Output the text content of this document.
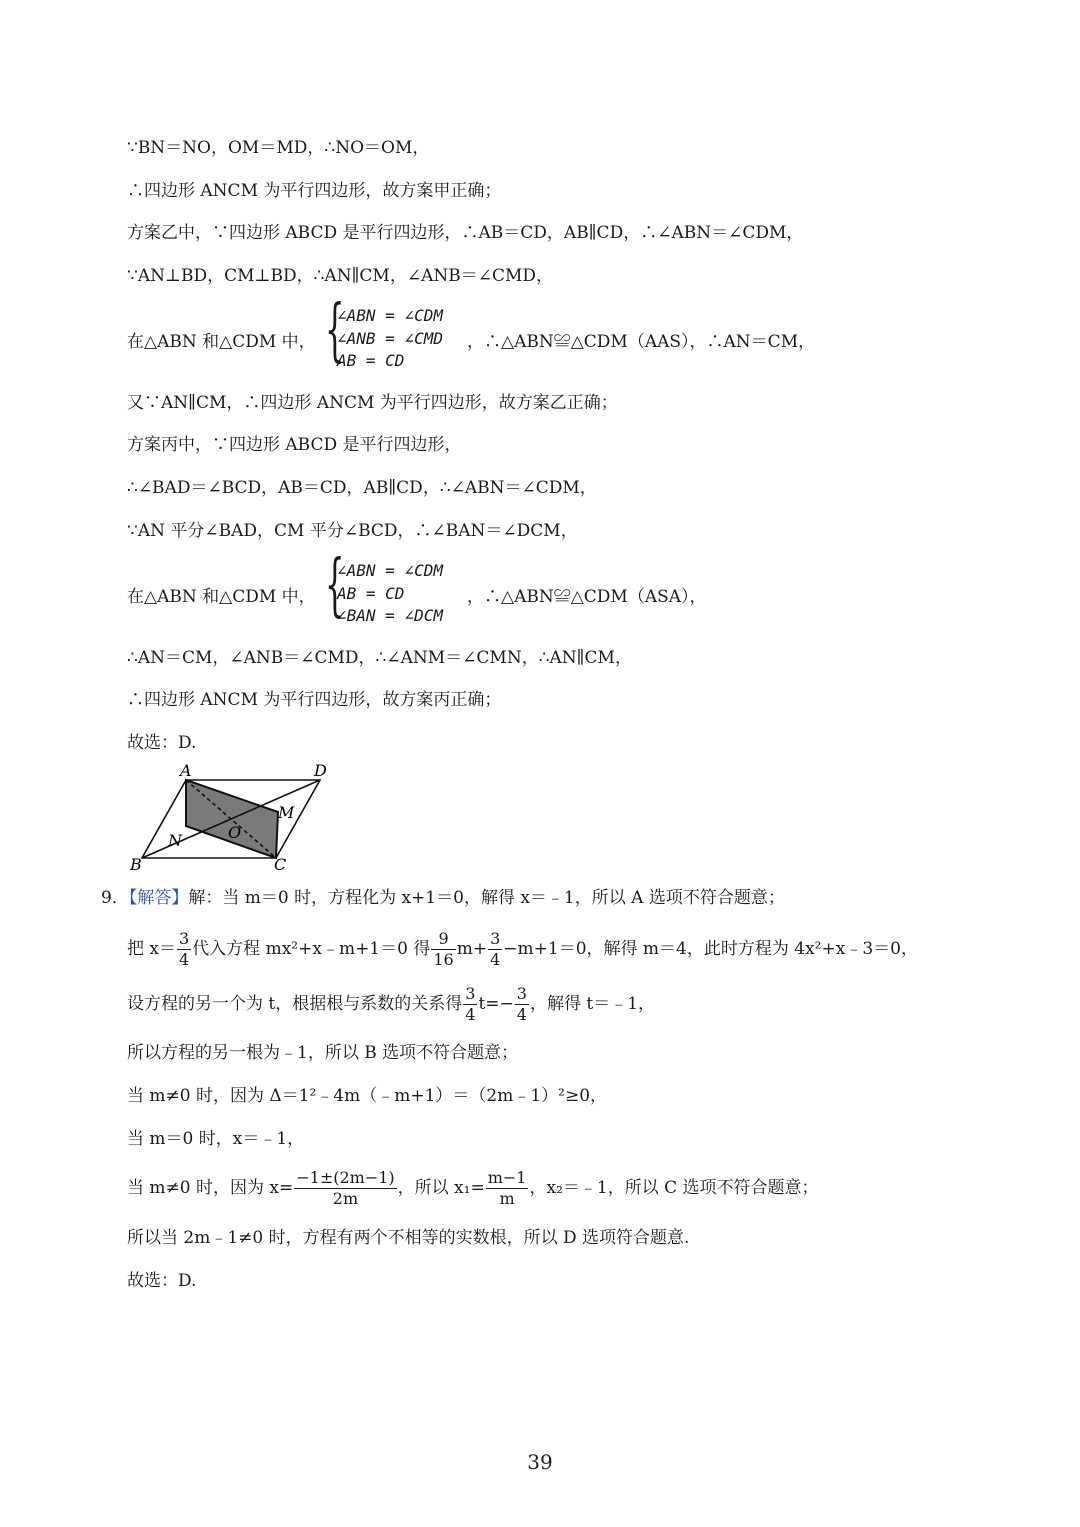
∵BN＝NO，OM＝MD，∴NO＝OM，
∴四边形 ANCM 为平行四边形，故方案甲正确；
方案乙中，∵四边形 ABCD 是平行四边形，∴AB＝CD，AB∥CD，∴∠ABN＝∠CDM，
∵AN⊥BD，CM⊥BD，∴AN∥CM，∠ANB＝∠CMD，
在△ABN 和△CDM 中， {
∠ABN = ∠CDM
∠ANB = ∠CMD
AB = CD
，∴△ABN≌△CDM（AAS），∴AN＝CM，
又∵AN∥CM，∴四边形 ANCM 为平行四边形，故方案乙正确；
方案丙中，∵四边形 ABCD 是平行四边形，
∴∠BAD＝∠BCD，AB＝CD，AB∥CD，∴∠ABN＝∠CDM，
∵AN 平分∠BAD，CM 平分∠BCD，∴∠BAN＝∠DCM，
在△ABN 和△CDM 中， {
∠ABN = ∠CDM
AB = CD
∠BAN = ∠DCM
，∴△ABN≌△CDM（ASA），
∴AN＝CM，∠ANB＝∠CMD，∴∠ANM＝∠CMN，∴AN∥CM，
∴四边形 ANCM 为平行四边形，故方案丙正确；
故选：D.
A	D
M
O
N
B	C
9．【解答】解：当 m＝0 时，方程化为 x+1＝0，解得 x＝﹣1，所以 A 选项不符合题意；
把 $x= \frac{3}{4}$ 代入方程 mx²+x﹣m+1＝0 得 $\frac{9}{16} m+ \frac{3}{4} -m+1=0$，解得 m＝4，此时方程为 4x²+x﹣3＝0，
设方程的另一个为 t，根据根与系数的关系得 $\frac{3}{4} t=- \frac{3}{4}$ ，解得 t＝﹣1，
所以方程的另一根为﹣1，所以 B 选项不符合题意；
当 m≠0 时，因为 Δ＝1²﹣4m（﹣m+1）＝（2m﹣1）²≥0，
当 m＝0 时，x＝﹣1，
当 m≠0 时，因为 $x= \frac{-1\pm(2m-1)}{2m}$ ，所以 $x_1= \frac{m-1}{m}$ ，x₂＝﹣1，所以 C 选项不符合题意；
所以当 2m﹣1≠0 时，方程有两个不相等的实数根，所以 D 选项符合题意.
故选：D.
39
